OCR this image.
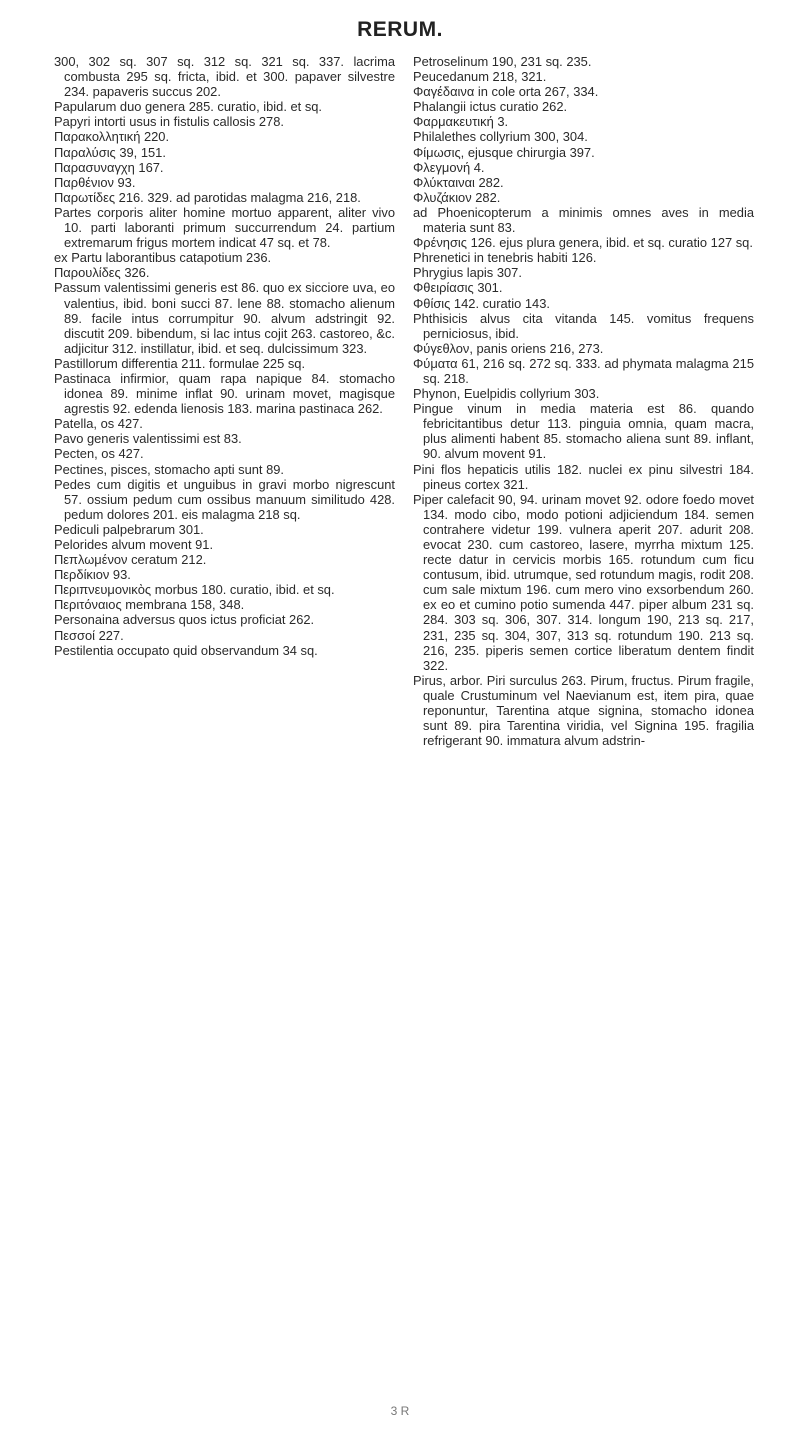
RERUM.

300, 302 sq. 307 sq. 312 sq. 321 sq. 337. lacrima combusta 295 sq. fricta, ibid. et 300. papaver silvestre 234. papaveris succus 202.

Papularum duo genera 285. curatio, ibid. et sq.

Papyri intorti usus in fistulis callosis 278.

Παρακολλητική 220.

Παραλύσις 39, 151.

Παρασυναγχη 167.

Παρθένιον 93.

Παρωτίδες 216. 329. ad parotidas malagma 216, 218.

Partes corporis aliter homine mortuo apparent, aliter vivo 10. parti laboranti primum succurrendum 24. partium extremarum frigus mortem indicat 47 sq. et 78.

ex Partu laborantibus catapotium 236.

Παρουλίδες 326.

Passum valentissimi generis est 86. quo ex sicciore uva, eo valentius, ibid. boni succi 87. lene 88. stomacho alienum 89. facile intus corrumpitur 90. alvum adstringit 92. discutit 209. bibendum, si lac intus cojit 263. castoreo, &c. adjicitur 312. instillatur, ibid. et seq. dulcissimum 323.

Pastillorum differentia 211. formulae 225 sq.

Pastinaca infirmior, quam rapa napique 84. stomacho idonea 89. minime inflat 90. urinam movet, magisque agrestis 92. edenda lienosis 183. marina pastinaca 262.

Patella, os 427.

Pavo generis valentissimi est 83.

Pecten, os 427.

Pectines, pisces, stomacho apti sunt 89.

Pedes cum digitis et unguibus in gravi morbo nigrescunt 57. ossium pedum cum ossibus manuum similitudo 428. pedum dolores 201. eis malagma 218 sq.

Pediculi palpebrarum 301.

Pelorides alvum movent 91.

Πεπλωμένον ceratum 212.

Περδίκιον 93.

Περιπνευμονικὸς morbus 180. curatio, ibid. et sq.

Περιτόναιος membrana 158, 348.

Personaina adversus quos ictus proficiat 262.

Πεσσοί 227.

Pestilentia occupato quid observandum 34 sq.

Petroselinum 190, 231 sq. 235.

Peucedanum 218, 321.

Φαγέδαινα in cole orta 267, 334.

Phalangii ictus curatio 262.

Φαρμακευτική 3.

Philalethes collyrium 300, 304.

Φίμωσις, ejusque chirurgia 397.

Φλεγμονή 4.

Φλύκταιναι 282.

Φλυζάκιον 282.

ad Phoenicopterum a minimis omnes aves in media materia sunt 83.

Φρένησις 126. ejus plura genera, ibid. et sq. curatio 127 sq.

Phrenetici in tenebris habiti 126.

Phrygius lapis 307.

Φθειρίασις 301.

Φθίσις 142. curatio 143.

Phthisicis alvus cita vitanda 145. vomitus frequens perniciosus, ibid.

Φύγεθλον, panis oriens 216, 273.

Φύματα 61, 216 sq. 272 sq. 333. ad phymata malagma 215 sq. 218.

Phynon, Euelpidis collyrium 303.

Pingue vinum in media materia est 86. quando febricitantibus detur 113. pinguia omnia, quam macra, plus alimenti habent 85. stomacho aliena sunt 89. inflant, 90. alvum movent 91.

Pini flos hepaticis utilis 182. nuclei ex pinu silvestri 184. pineus cortex 321.

Piper calefacit 90, 94. urinam movet 92. odore foedo movet 134. modo cibo, modo potioni adjiciendum 184. semen contrahere videtur 199. vulnera aperit 207. adurit 208. evocat 230. cum castoreo, lasere, myrrha mixtum 125. recte datur in cervicis morbis 165. rotundum cum ficu contusum, ibid. utrumque, sed rotundum magis, rodit 208. cum sale mixtum 196. cum mero vino exsorbendum 260. ex eo et cumino potio sumenda 447. piper album 231 sq. 284. 303 sq. 306, 307. 314. longum 190, 213 sq. 217, 231, 235 sq. 304, 307, 313 sq. rotundum 190. 213 sq. 216, 235. piperis semen cortice liberatum dentem findit 322.

Pirus, arbor. Piri surculus 263. Pirum, fructus. Pirum fragile, quale Crustuminum vel Naevianum est, item pira, quae reponuntur, Tarentina atque signina, stomacho idonea sunt 89. pira Tarentina viridia, vel Signina 195. fragilia refrigerant 90. immatura alvum adstrin-

3 R
